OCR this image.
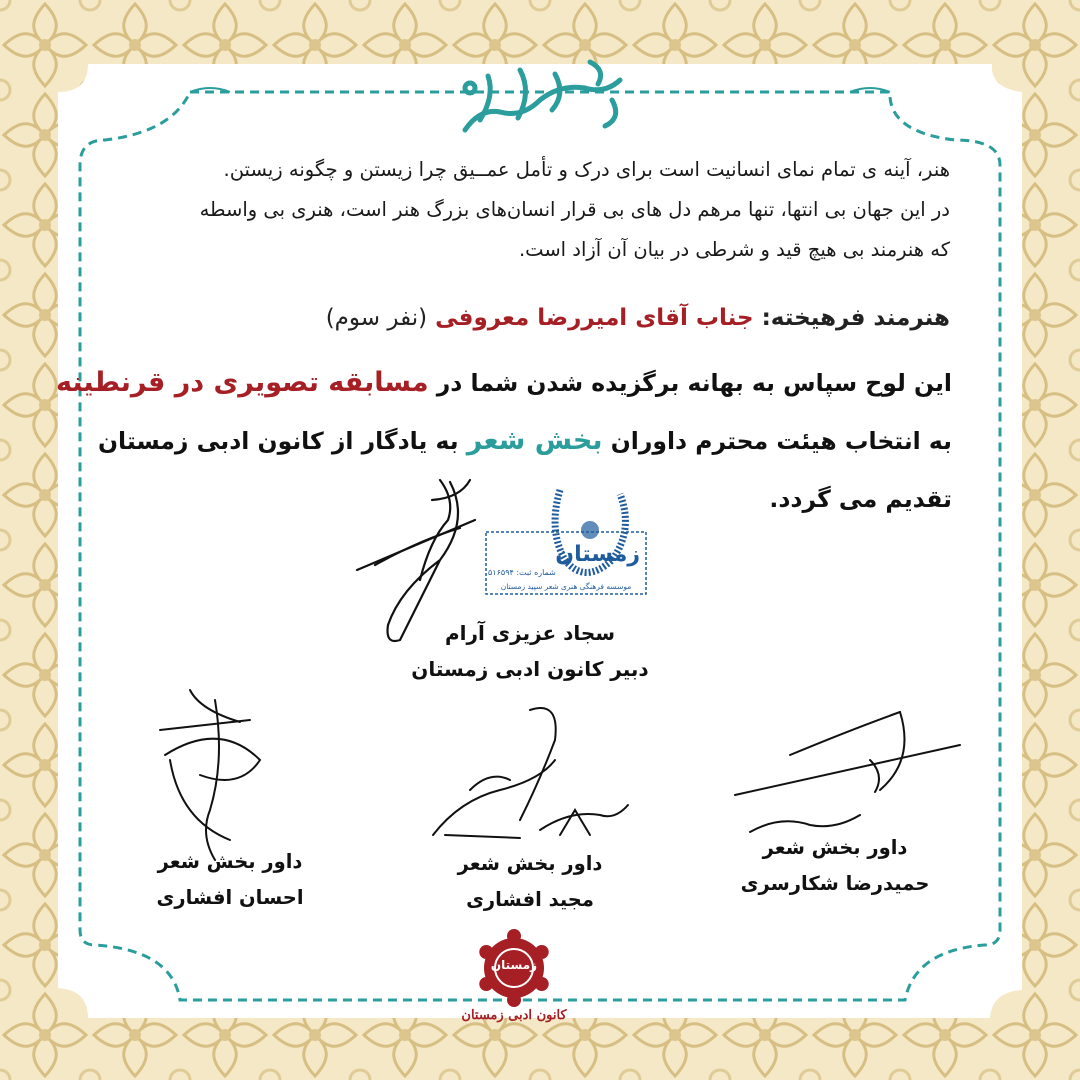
هنر، آینه ی تمام نمای انسانیت است برای درک و تأمل عمــیق چرا زیستن و چگونه زیستن.

در این جهان بی انتها، تنها مرهم دل های بی قرار انسان‌های بزرگ هنر است، هنری بی واسطه

که هنرمند بی هیچ قید و شرطی در بیان آن آزاد است.

هنرمند فرهیخته: جناب آقای امیررضا معروفی (نفر سوم)

این لوح سپاس به بهانه برگزیده شدن شما در مسابقه تصویری در قرنطینه

به انتخاب هیئت محترم داوران بخش شعر به یادگار از کانون ادبی زمستان

تقدیم می گردد.

زمستان
شماره ثبت: ۵۱۶۵۹۴
موسسه فرهنگی هنری شعر سپید زمستان
سجاد عزیزی آرام
دبیر کانون ادبی زمستان
داور بخش شعر
حمیدرضا شکارسری
داور بخش شعر
مجید افشاری
داور بخش شعر
احسان افشاری
زمستان
کانون ادبی زمستان
